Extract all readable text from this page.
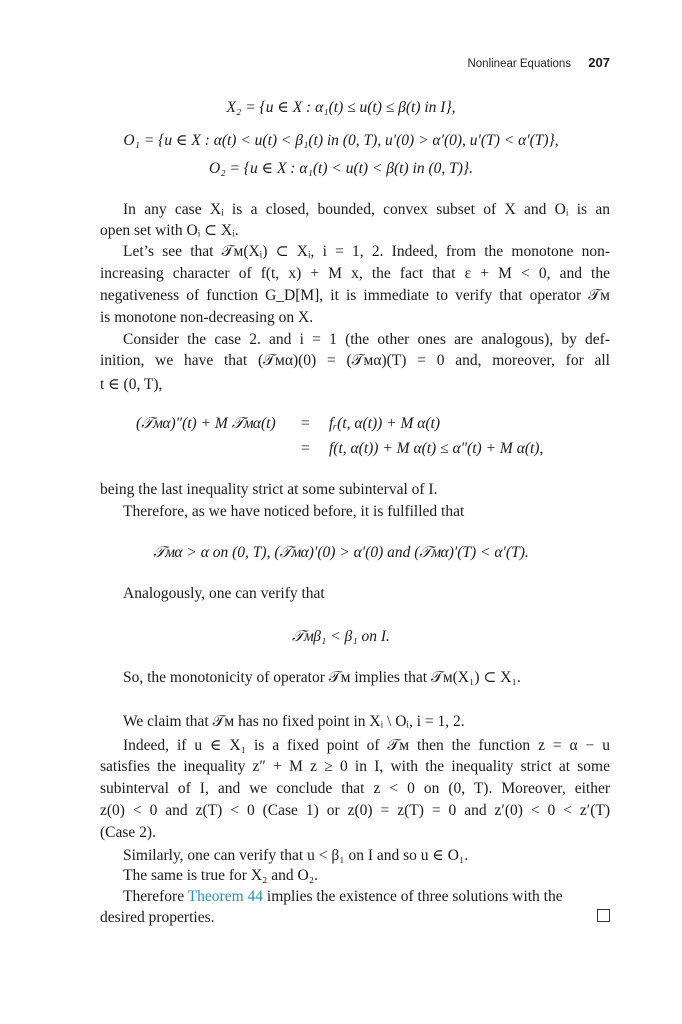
Nonlinear Equations 207
X₂ = {u ∈ X : α₁(t) ≤ u(t) ≤ β(t) in I},
O₁ = {u ∈ X : α(t) < u(t) < β₁(t) in (0, T), u′(0) > α′(0), u′(T) < α′(T)},
O₂ = {u ∈ X : α₁(t) < u(t) < β(t) in (0, T)}.
In any case Xᵢ is a closed, bounded, convex subset of X and Oᵢ is an
open set with Oᵢ ⊂ Xᵢ.
Let’s see that 𝒯ᴍ(Xᵢ) ⊂ Xᵢ, i = 1, 2. Indeed, from the monotone non-
increasing character of f(t, x) + M x, the fact that ε + M < 0, and the
negativeness of function G_D[M], it is immediate to verify that operator 𝒯ᴍ
is monotone non-decreasing on X.
Consider the case 2. and i = 1 (the other ones are analogous), by def-
inition, we have that (𝒯ᴍα)(0) = (𝒯ᴍα)(T) = 0 and, moreover, for all
t ∈ (0, T),
(𝒯ᴍα)″(t) + M 𝒯ᴍα(t) = fᵣ(t, α(t)) + M α(t)
= f(t, α(t)) + M α(t) ≤ α″(t) + M α(t),
being the last inequality strict at some subinterval of I.
Therefore, as we have noticed before, it is fulfilled that
𝒯ᴍα > α on (0, T), (𝒯ᴍα)′(0) > α′(0) and (𝒯ᴍα)′(T) < α′(T).
Analogously, one can verify that
𝒯ᴍβ₁ < β₁ on I.
So, the monotonicity of operator 𝒯ᴍ implies that 𝒯ᴍ(X₁) ⊂ X₁.
We claim that 𝒯ᴍ has no fixed point in Xᵢ \ Oᵢ, i = 1, 2.
Indeed, if u ∈ X₁ is a fixed point of 𝒯ᴍ then the function z = α − u
satisfies the inequality z″ + M z ≥ 0 in I, with the inequality strict at some
subinterval of I, and we conclude that z < 0 on (0, T). Moreover, either
z(0) < 0 and z(T) < 0 (Case 1) or z(0) = z(T) = 0 and z′(0) < 0 < z′(T)
(Case 2).
Similarly, one can verify that u < β₁ on I and so u ∈ O₁.
The same is true for X₂ and O₂.
Therefore Theorem 44 implies the existence of three solutions with the
desired properties.
